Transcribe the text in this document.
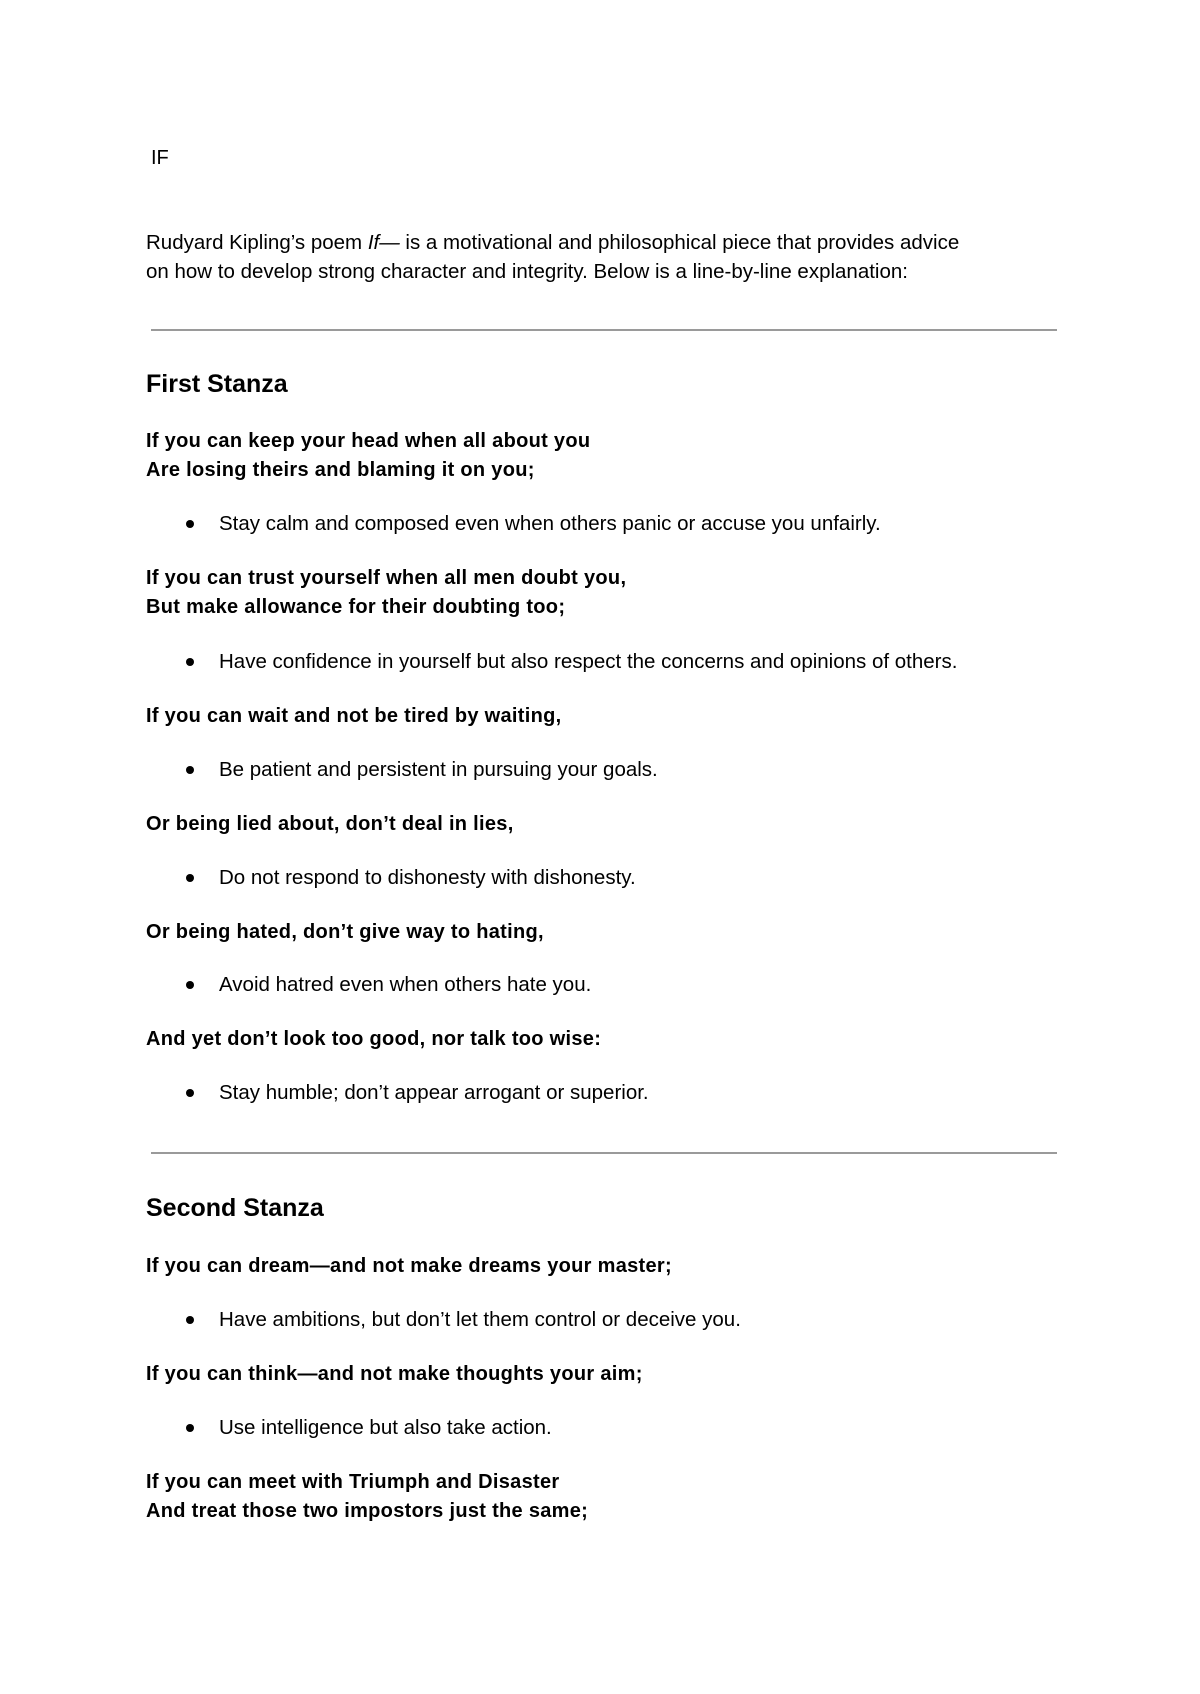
IF

Rudyard Kipling’s poem If— is a motivational and philosophical piece that provides advice
on how to develop strong character and integrity. Below is a line-by-line explanation:

First Stanza
If you can keep your head when all about you
Are losing theirs and blaming it on you;

Stay calm and composed even when others panic or accuse you unfairly.

If you can trust yourself when all men doubt you,
But make allowance for their doubting too;

Have confidence in yourself but also respect the concerns and opinions of others.

If you can wait and not be tired by waiting,

Be patient and persistent in pursuing your goals.

Or being lied about, don’t deal in lies,

Do not respond to dishonesty with dishonesty.

Or being hated, don’t give way to hating,

Avoid hatred even when others hate you.

And yet don’t look too good, nor talk too wise:

Stay humble; don’t appear arrogant or superior.

Second Stanza
If you can dream—and not make dreams your master;

Have ambitions, but don’t let them control or deceive you.

If you can think—and not make thoughts your aim;

Use intelligence but also take action.

If you can meet with Triumph and Disaster
And treat those two impostors just the same;
